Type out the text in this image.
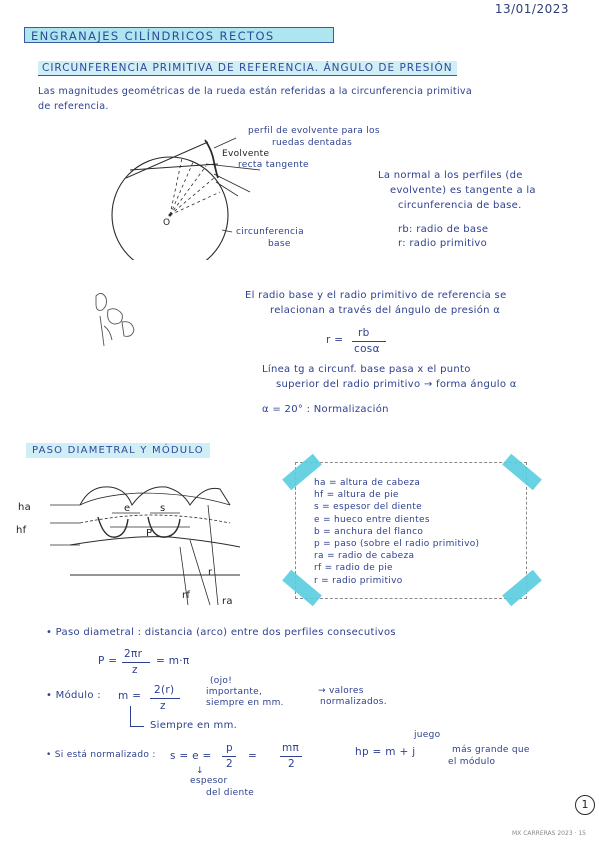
13/01/2023
ENGRANAJES CILÍNDRICOS RECTOS
CIRCUNFERENCIA PRIMITIVA DE REFERENCIA. ÁNGULO DE PRESIÓN
Las magnitudes geométricas de la rueda están referidas a la circunferencia primitiva
de referencia.
perfil de evolvente para los
ruedas dentadas
Evolvente
recta tangente
O
circunferencia
base
La normal a los perfiles (de
evolvente) es tangente a la
circunferencia de base.
rb: radio de base
r: radio primitivo
El radio base y el radio primitivo de referencia se
relacionan a través del ángulo de presión α
r =
rb
cosα
Línea tg a circunf. base pasa x el punto
superior del radio primitivo → forma ángulo α
α = 20° : Normalización
PASO DIAMETRAL Y MÓDULO
ha
hf
e	s
P
r
rf
ra
ha = altura de cabeza
hf = altura de pie
s = espesor del diente
e = hueco entre dientes
b = anchura del flanco
p = paso (sobre el radio primitivo)
ra = radio de cabeza
rf = radio de pie
r = radio primitivo
• Paso diametral : distancia (arco) entre dos perfiles consecutivos
P =
2πr
z
= m·π
• Módulo : m = 2(r)
z
(ojo!
importante,
siempre en mm.
→ valores
normalizados.
Siempre en mm.
• Si está normalizado : s = e =
p
2
=
mπ
2
↓
espesor
del diente
hp = m + j
juego
más grande que
el módulo
1
MX CARRERAS 2023 · 15
